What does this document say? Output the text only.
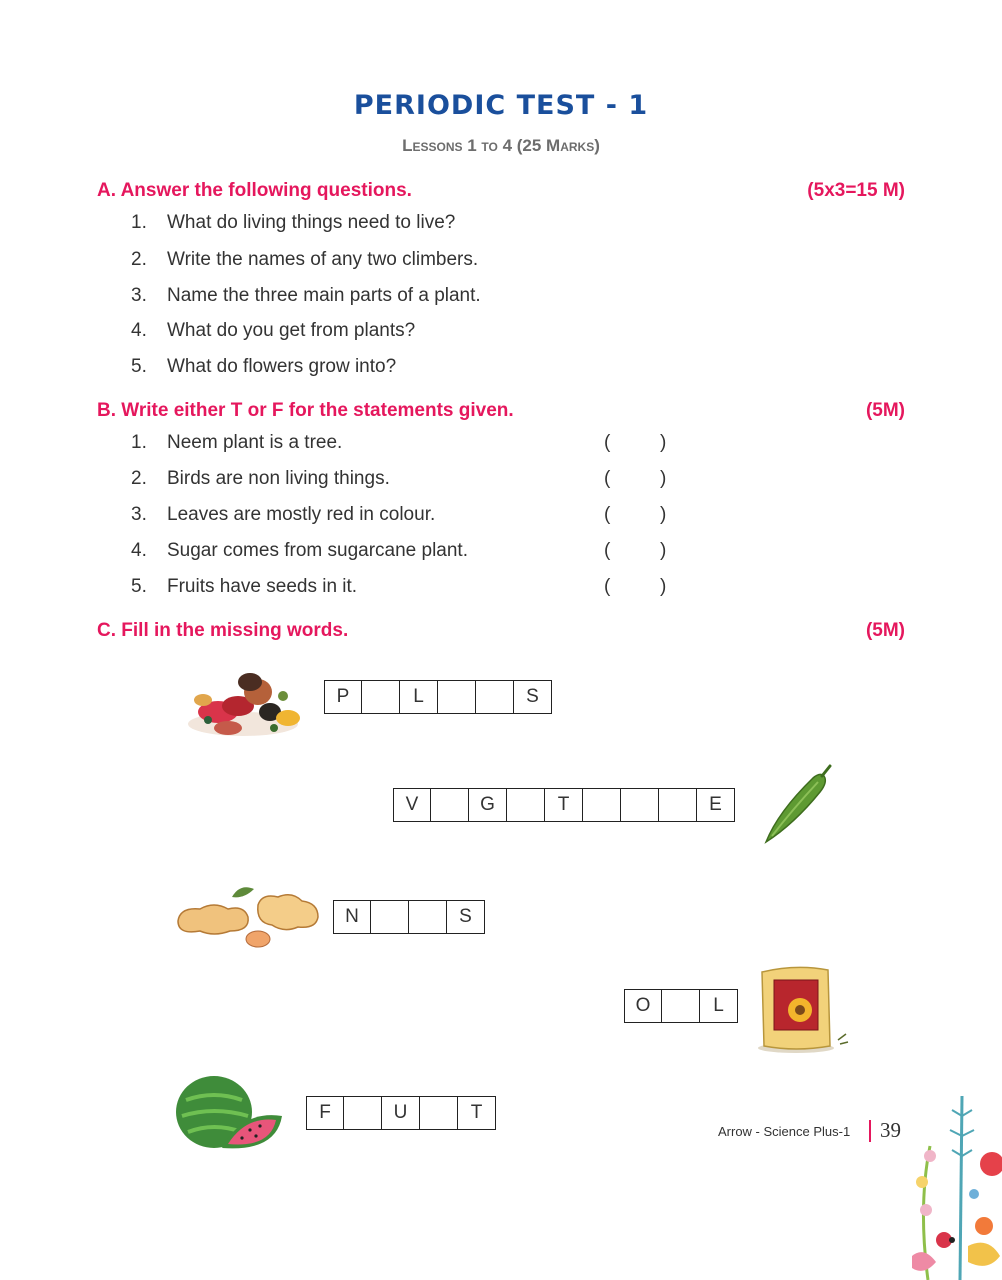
PERIODIC TEST - 1
Lessons 1 to 4 (25 Marks)
A. Answer the following questions.	(5x3=15 M)
1. What do living things need to live?
2. Write the names of any two climbers.
3. Name the three main parts of a plant.
4. What do you get from plants?
5. What do flowers grow into?
B. Write either T or F for the statements given.	(5M)
1. Neem plant is a tree.
2. Birds are non living things.
3. Leaves are mostly red in colour.
4. Sugar comes from sugarcane plant.
5. Fruits have seeds in it.
(	)
(	)
(	)
(	)
(	)
C. Fill in the missing words.	(5M)
P	L	S
V	G	T	E
N	S
O	L
F	U	T
Arrow - Science Plus-1 39
